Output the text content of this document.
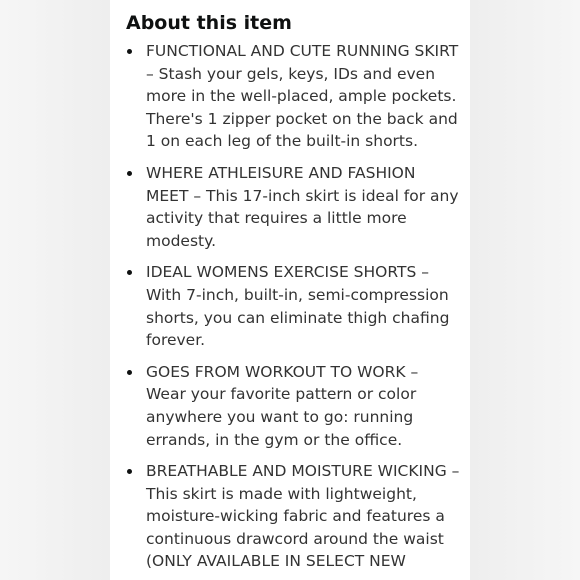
About this item
FUNCTIONAL AND CUTE RUNNING SKIRT – Stash your gels, keys, IDs and even more in the well-placed, ample pockets. There's 1 zipper pocket on the back and 1 on each leg of the built-in shorts.
WHERE ATHLEISURE AND FASHION MEET – This 17-inch skirt is ideal for any activity that requires a little more modesty.
IDEAL WOMENS EXERCISE SHORTS – With 7-inch, built-in, semi-compression shorts, you can eliminate thigh chafing forever.
GOES FROM WORKOUT TO WORK – Wear your favorite pattern or color anywhere you want to go: running errands, in the gym or the office.
BREATHABLE AND MOISTURE WICKING – This skirt is made with lightweight, moisture-wicking fabric and features a continuous drawcord around the waist (ONLY AVAILABLE IN SELECT NEW
